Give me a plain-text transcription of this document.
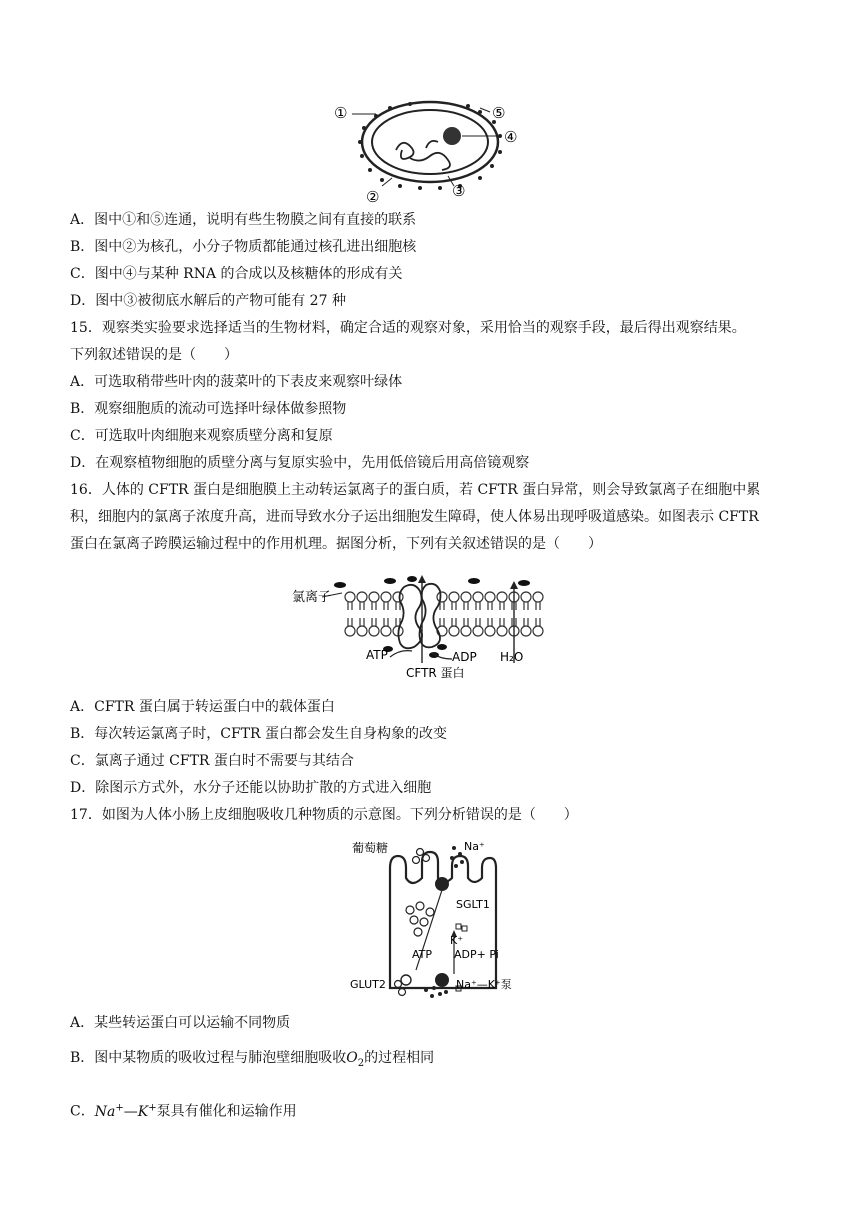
①	⑤
④
②	③
A．图中①和⑤连通，说明有些生物膜之间有直接的联系
B．图中②为核孔，小分子物质都能通过核孔进出细胞核
C．图中④与某种 RNA 的合成以及核糖体的形成有关
D．图中③被彻底水解后的产物可能有 27 种
15．观察类实验要求选择适当的生物材料，确定合适的观察对象，采用恰当的观察手段，最后得出观察结果。
下列叙述错误的是（　　）
A．可选取稍带些叶肉的菠菜叶的下表皮来观察叶绿体
B．观察细胞质的流动可选择叶绿体做参照物
C．可选取叶肉细胞来观察质壁分离和复原
D．在观察植物细胞的质壁分离与复原实验中，先用低倍镜后用高倍镜观察
16．人体的 CFTR 蛋白是细胞膜上主动转运氯离子的蛋白质，若 CFTR 蛋白异常，则会导致氯离子在细胞中累
积，细胞内的氯离子浓度升高，进而导致水分子运出细胞发生障碍，使人体易出现呼吸道感染。如图表示 CFTR
蛋白在氯离子跨膜运输过程中的作用机理。据图分析，下列有关叙述错误的是（　　）
氯离子
ATP	ADP
CFTR 蛋白
H₂O
A．CFTR 蛋白属于转运蛋白中的载体蛋白
B．每次转运氯离子时，CFTR 蛋白都会发生自身构象的改变
C．氯离子通过 CFTR 蛋白时不需要与其结合
D．除图示方式外，水分子还能以协助扩散的方式进入细胞
17．如图为人体小肠上皮细胞吸收几种物质的示意图。下列分析错误的是（　　）
葡萄糖	Na⁺
SGLT1
K⁺
ATP ADP+ Pi
GLUT2	Na⁺—K⁺泵
A．某些转运蛋白可以运输不同物质
B．图中某物质的吸收过程与肺泡壁细胞吸收$O_2$的过程相同
C．Na+—K+泵具有催化和运输作用
